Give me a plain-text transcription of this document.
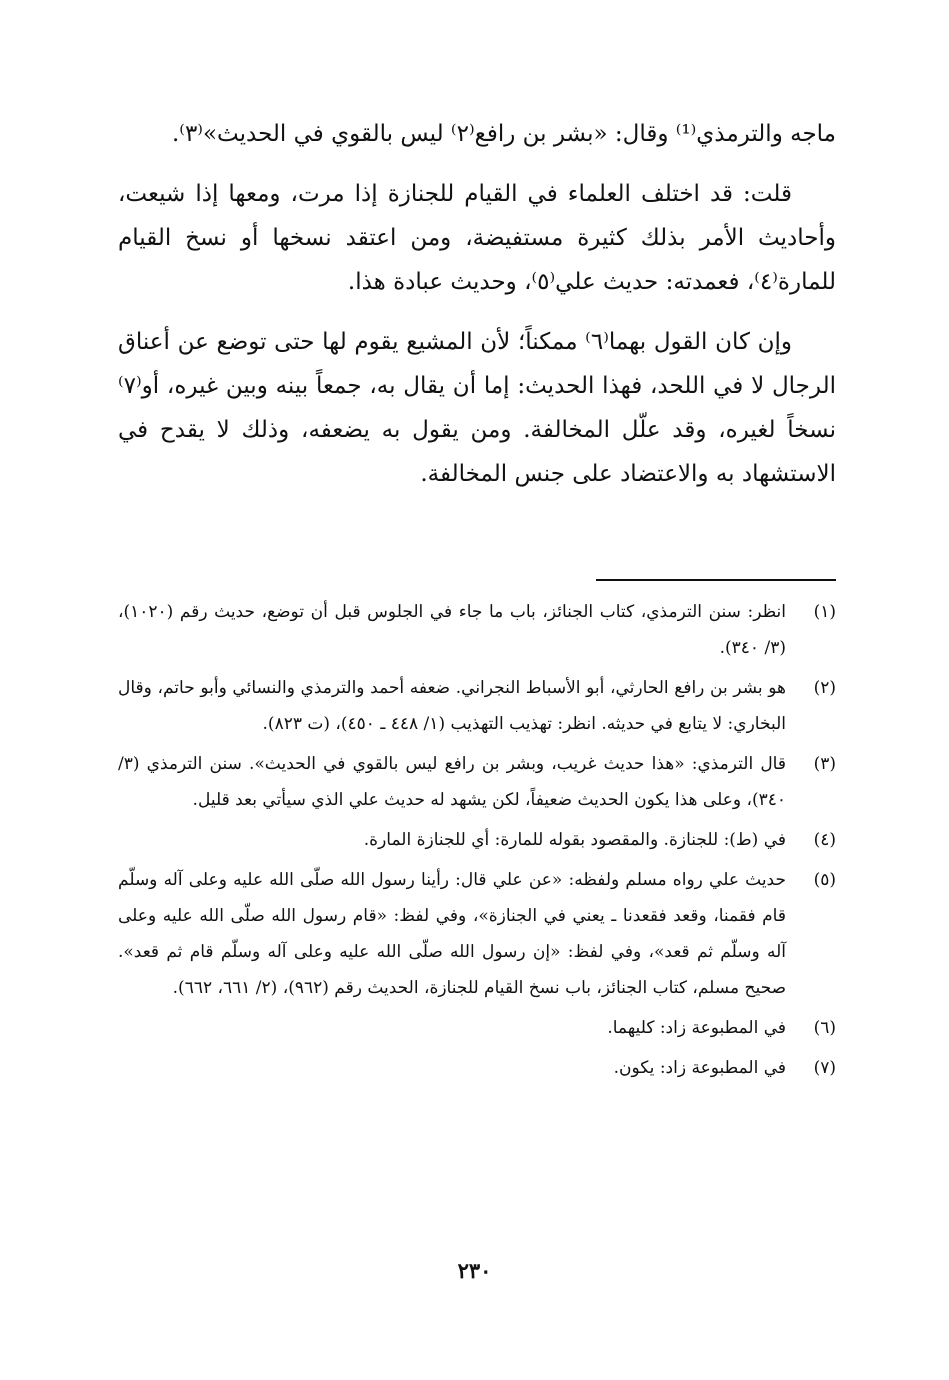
ماجه والترمذي⁽¹⁾ وقال: «بشر بن رافع⁽٢⁾ ليس بالقوي في الحديث»⁽٣⁾.

قلت: قد اختلف العلماء في القيام للجنازة إذا مرت، ومعها إذا شيعت، وأحاديث الأمر بذلك كثيرة مستفيضة، ومن اعتقد نسخها أو نسخ القيام للمارة⁽٤⁾، فعمدته: حديث علي⁽٥⁾، وحديث عبادة هذا.

وإن كان القول بهما⁽٦⁾ ممكناً؛ لأن المشيع يقوم لها حتى توضع عن أعناق الرجال لا في اللحد، فهذا الحديث: إما أن يقال به، جمعاً بينه وبين غيره، أو⁽٧⁾ نسخاً لغيره، وقد علّل المخالفة. ومن يقول به يضعفه، وذلك لا يقدح في الاستشهاد به والاعتضاد على جنس المخالفة.

(١)
انظر: سنن الترمذي، كتاب الجنائز، باب ما جاء في الجلوس قبل أن توضع، حديث رقم (١٠٢٠)، (٣/ ٣٤٠).
(٢)
هو بشر بن رافع الحارثي، أبو الأسباط النجراني. ضعفه أحمد والترمذي والنسائي وأبو حاتم، وقال البخاري: لا يتابع في حديثه. انظر: تهذيب التهذيب (١/ ٤٤٨ ـ ٤٥٠)، (ت ٨٢٣).
(٣)
قال الترمذي: «هذا حديث غريب، وبشر بن رافع ليس بالقوي في الحديث». سنن الترمذي (٣/ ٣٤٠)، وعلى هذا يكون الحديث ضعيفاً، لكن يشهد له حديث علي الذي سيأتي بعد قليل.
(٤)
في (ط): للجنازة. والمقصود بقوله للمارة: أي للجنازة المارة.
(٥)
حديث علي رواه مسلم ولفظه: «عن علي قال: رأينا رسول الله صلّى الله عليه وعلى آله وسلّم قام فقمنا، وقعد فقعدنا ـ يعني في الجنازة»، وفي لفظ: «قام رسول الله صلّى الله عليه وعلى آله وسلّم ثم قعد»، وفي لفظ: «إن رسول الله صلّى الله عليه وعلى آله وسلّم قام ثم قعد». صحيح مسلم، كتاب الجنائز، باب نسخ القيام للجنازة، الحديث رقم (٩٦٢)، (٢/ ٦٦١، ٦٦٢).
(٦)
في المطبوعة زاد: كليهما.
(٧)
في المطبوعة زاد: يكون.
٢٣٠
